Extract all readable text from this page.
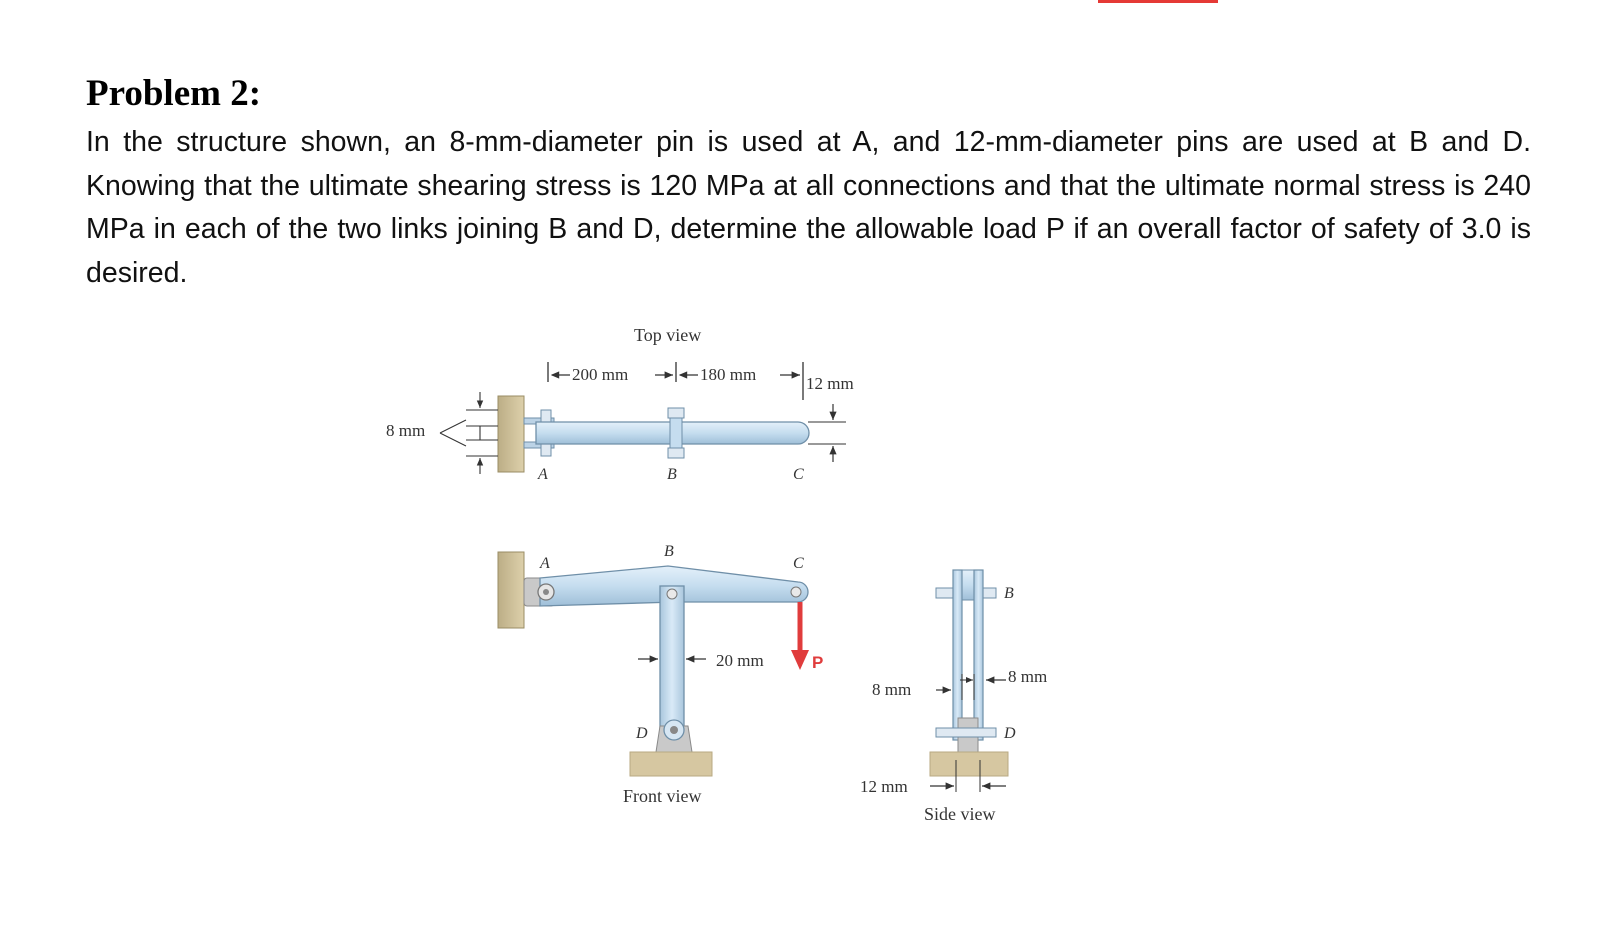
Problem 2:

In the structure shown, an 8-mm-diameter pin is used at A, and 12-mm-diameter pins are used at B and D. Knowing that the ultimate shearing stress is 120 MPa at all connections and that the ultimate normal stress is 240 MPa in each of the two links joining B and D, determine the allowable load P if an overall factor of safety of 3.0 is desired.

Top view
200 mm	180 mm	12 mm
A	B	C
8 mm
20 mm	P
A
B
C
D
Front view
B
D
8 mm
8 mm
12 mm
Side view
